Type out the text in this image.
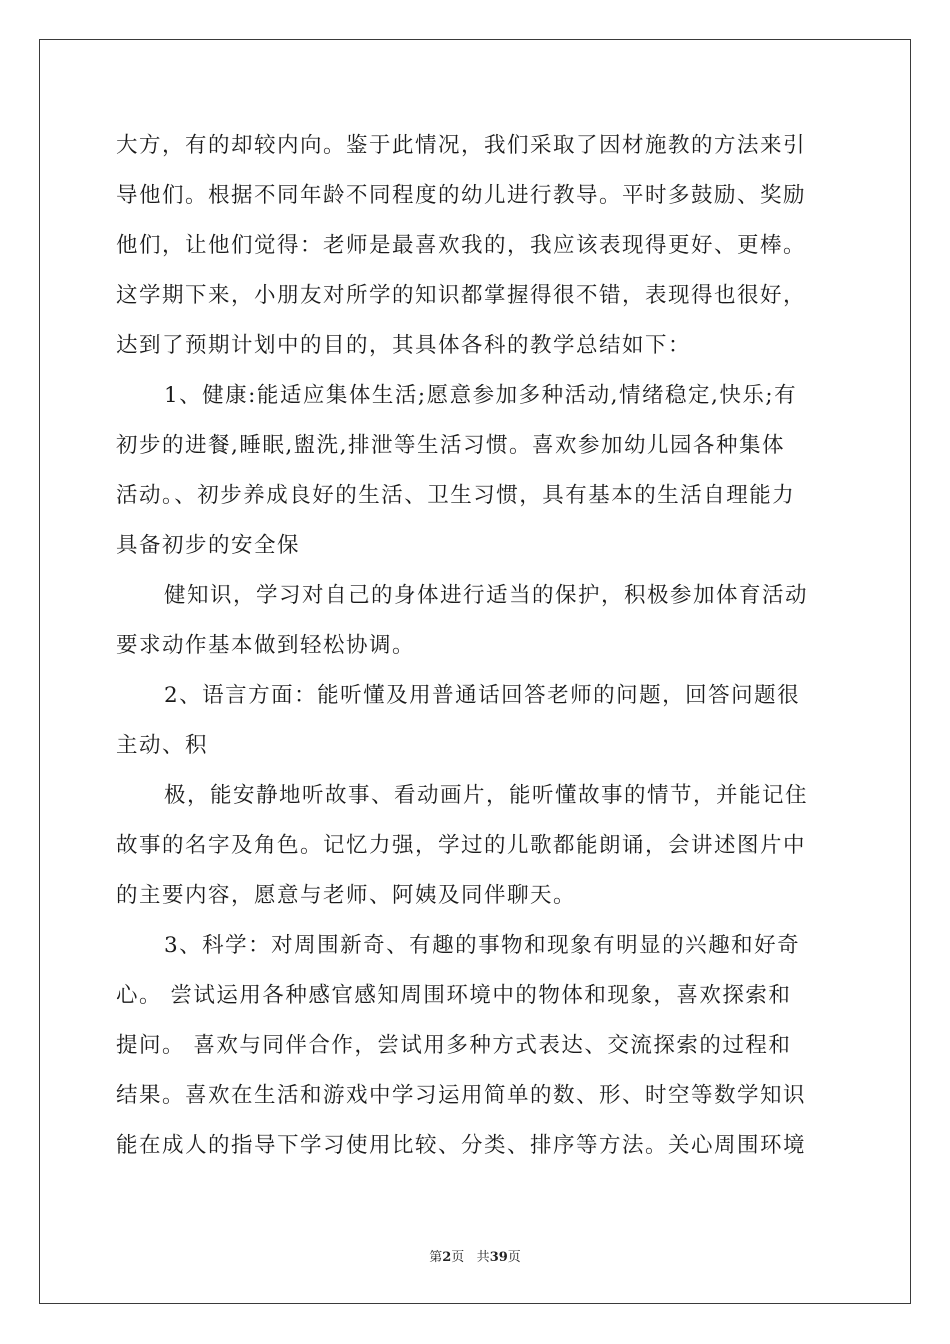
大方，有的却较内向。鉴于此情况，我们采取了因材施教的方法来引
导他们。根据不同年龄不同程度的幼儿进行教导。平时多鼓励、奖励
他们，让他们觉得：老师是最喜欢我的，我应该表现得更好、更棒。
这学期下来，小朋友对所学的知识都掌握得很不错，表现得也很好，
达到了预期计划中的目的，其具体各科的教学总结如下：
1、健康:能适应集体生活;愿意参加多种活动,情绪稳定,快乐;有
初步的进餐,睡眠,盥洗,排泄等生活习惯。喜欢参加幼儿园各种集体
活动。、初步养成良好的生活、卫生习惯，具有基本的生活自理能力
具备初步的安全保
健知识，学习对自己的身体进行适当的保护，积极参加体育活动
要求动作基本做到轻松协调。
2、语言方面：能听懂及用普通话回答老师的问题，回答问题很
主动、积
极，能安静地听故事、看动画片，能听懂故事的情节，并能记住
故事的名字及角色。记忆力强，学过的儿歌都能朗诵，会讲述图片中
的主要内容，愿意与老师、阿姨及同伴聊天。
3、科学：对周围新奇、有趣的事物和现象有明显的兴趣和好奇
心。 尝试运用各种感官感知周围环境中的物体和现象，喜欢探索和
提问。 喜欢与同伴合作，尝试用多种方式表达、交流探索的过程和
结果。喜欢在生活和游戏中学习运用简单的数、形、时空等数学知识
能在成人的指导下学习使用比较、分类、排序等方法。关心周围环境
第2页 共39页
